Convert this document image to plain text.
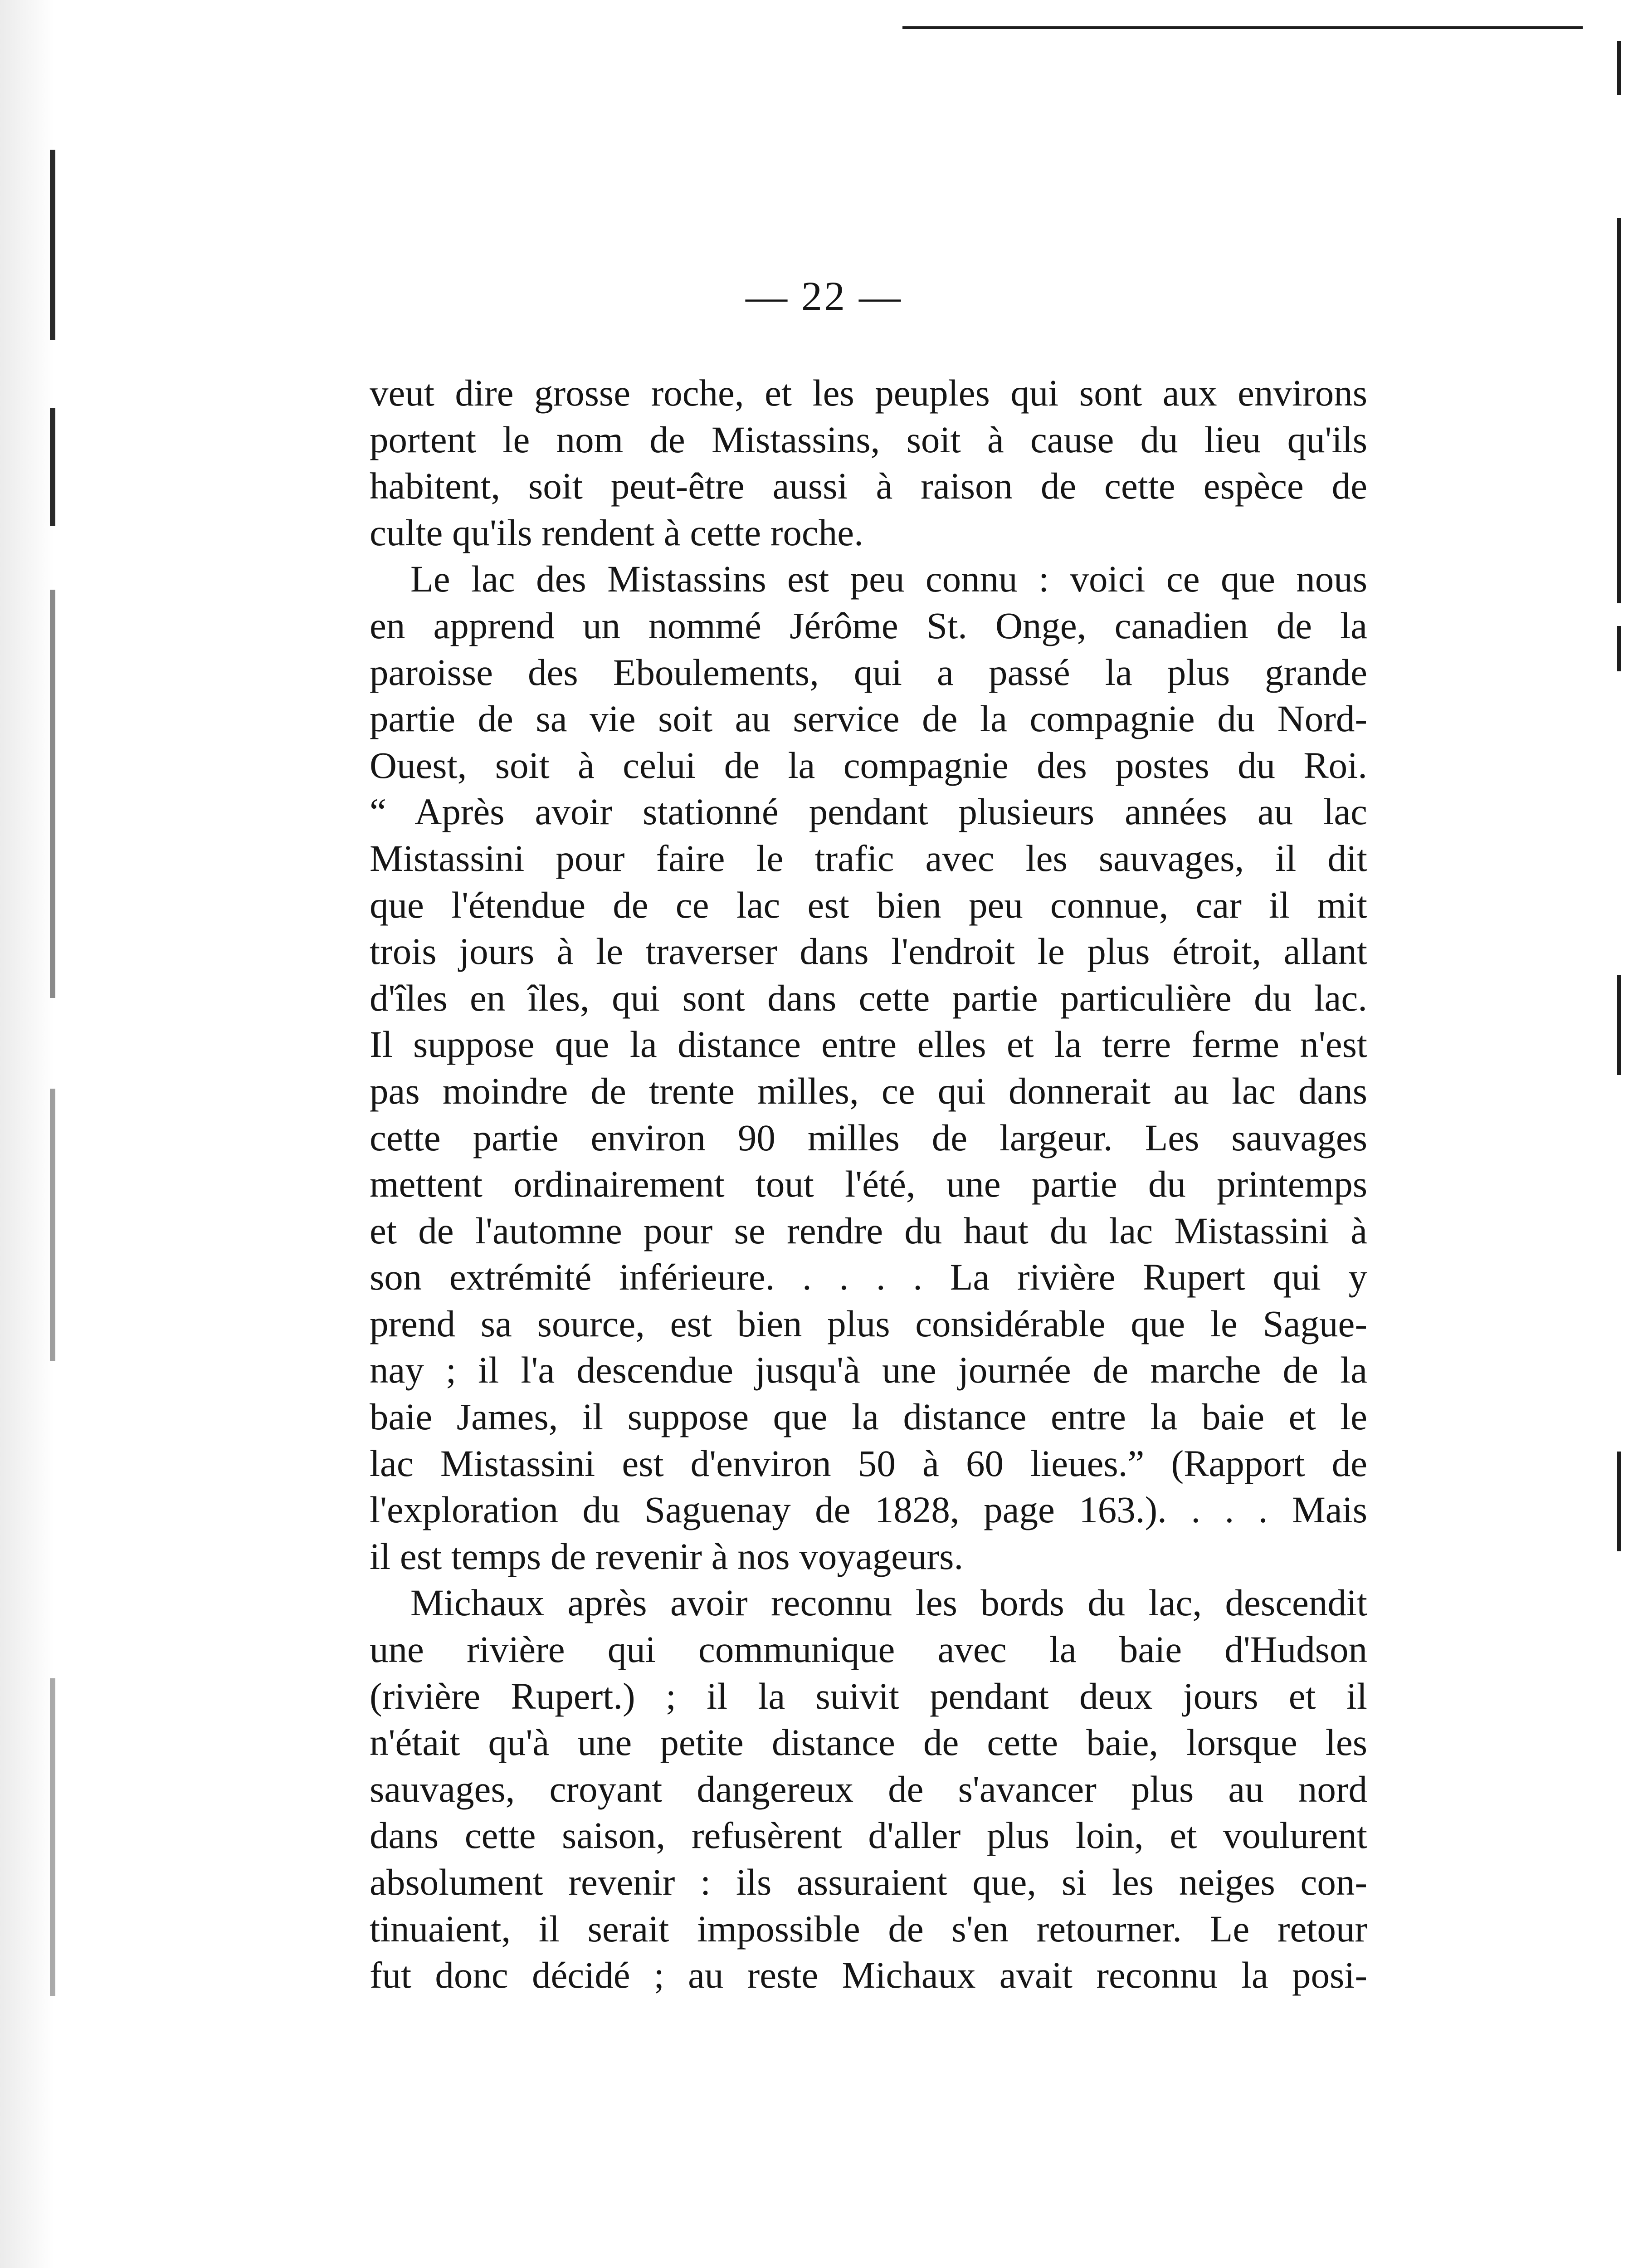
— 22 —
veut dire grosse roche, et les peuples qui sont aux environs
portent le nom de Mistassins, soit à cause du lieu qu'ils
habitent, soit peut-être aussi à raison de cette espèce de
culte qu'ils rendent à cette roche.
Le lac des Mistassins est peu connu : voici ce que nous
en apprend un nommé Jérôme St. Onge, canadien de la
paroisse des Eboulements, qui a passé la plus grande
partie de sa vie soit au service de la compagnie du Nord-
Ouest, soit à celui de la compagnie des postes du Roi.
“ Après avoir stationné pendant plusieurs années au lac
Mistassini pour faire le trafic avec les sauvages, il dit
que l'étendue de ce lac est bien peu connue, car il mit
trois jours à le traverser dans l'endroit le plus étroit, allant
d'îles en îles, qui sont dans cette partie particulière du lac.
Il suppose que la distance entre elles et la terre ferme n'est
pas moindre de trente milles, ce qui donnerait au lac dans
cette partie environ 90 milles de largeur. Les sauvages
mettent ordinairement tout l'été, une partie du printemps
et de l'automne pour se rendre du haut du lac Mistassini à
son extrémité inférieure. . . . . La rivière Rupert qui y
prend sa source, est bien plus considérable que le Sague-
nay ; il l'a descendue jusqu'à une journée de marche de la
baie James, il suppose que la distance entre la baie et le
lac Mistassini est d'environ 50 à 60 lieues.” (Rapport de
l'exploration du Saguenay de 1828, page 163.). . . . Mais
il est temps de revenir à nos voyageurs.
Michaux après avoir reconnu les bords du lac, descendit
une rivière qui communique avec la baie d'Hudson
(rivière Rupert.) ; il la suivit pendant deux jours et il
n'était qu'à une petite distance de cette baie, lorsque les
sauvages, croyant dangereux de s'avancer plus au nord
dans cette saison, refusèrent d'aller plus loin, et voulurent
absolument revenir : ils assuraient que, si les neiges con-
tinuaient, il serait impossible de s'en retourner. Le retour
fut donc décidé ; au reste Michaux avait reconnu la posi-
